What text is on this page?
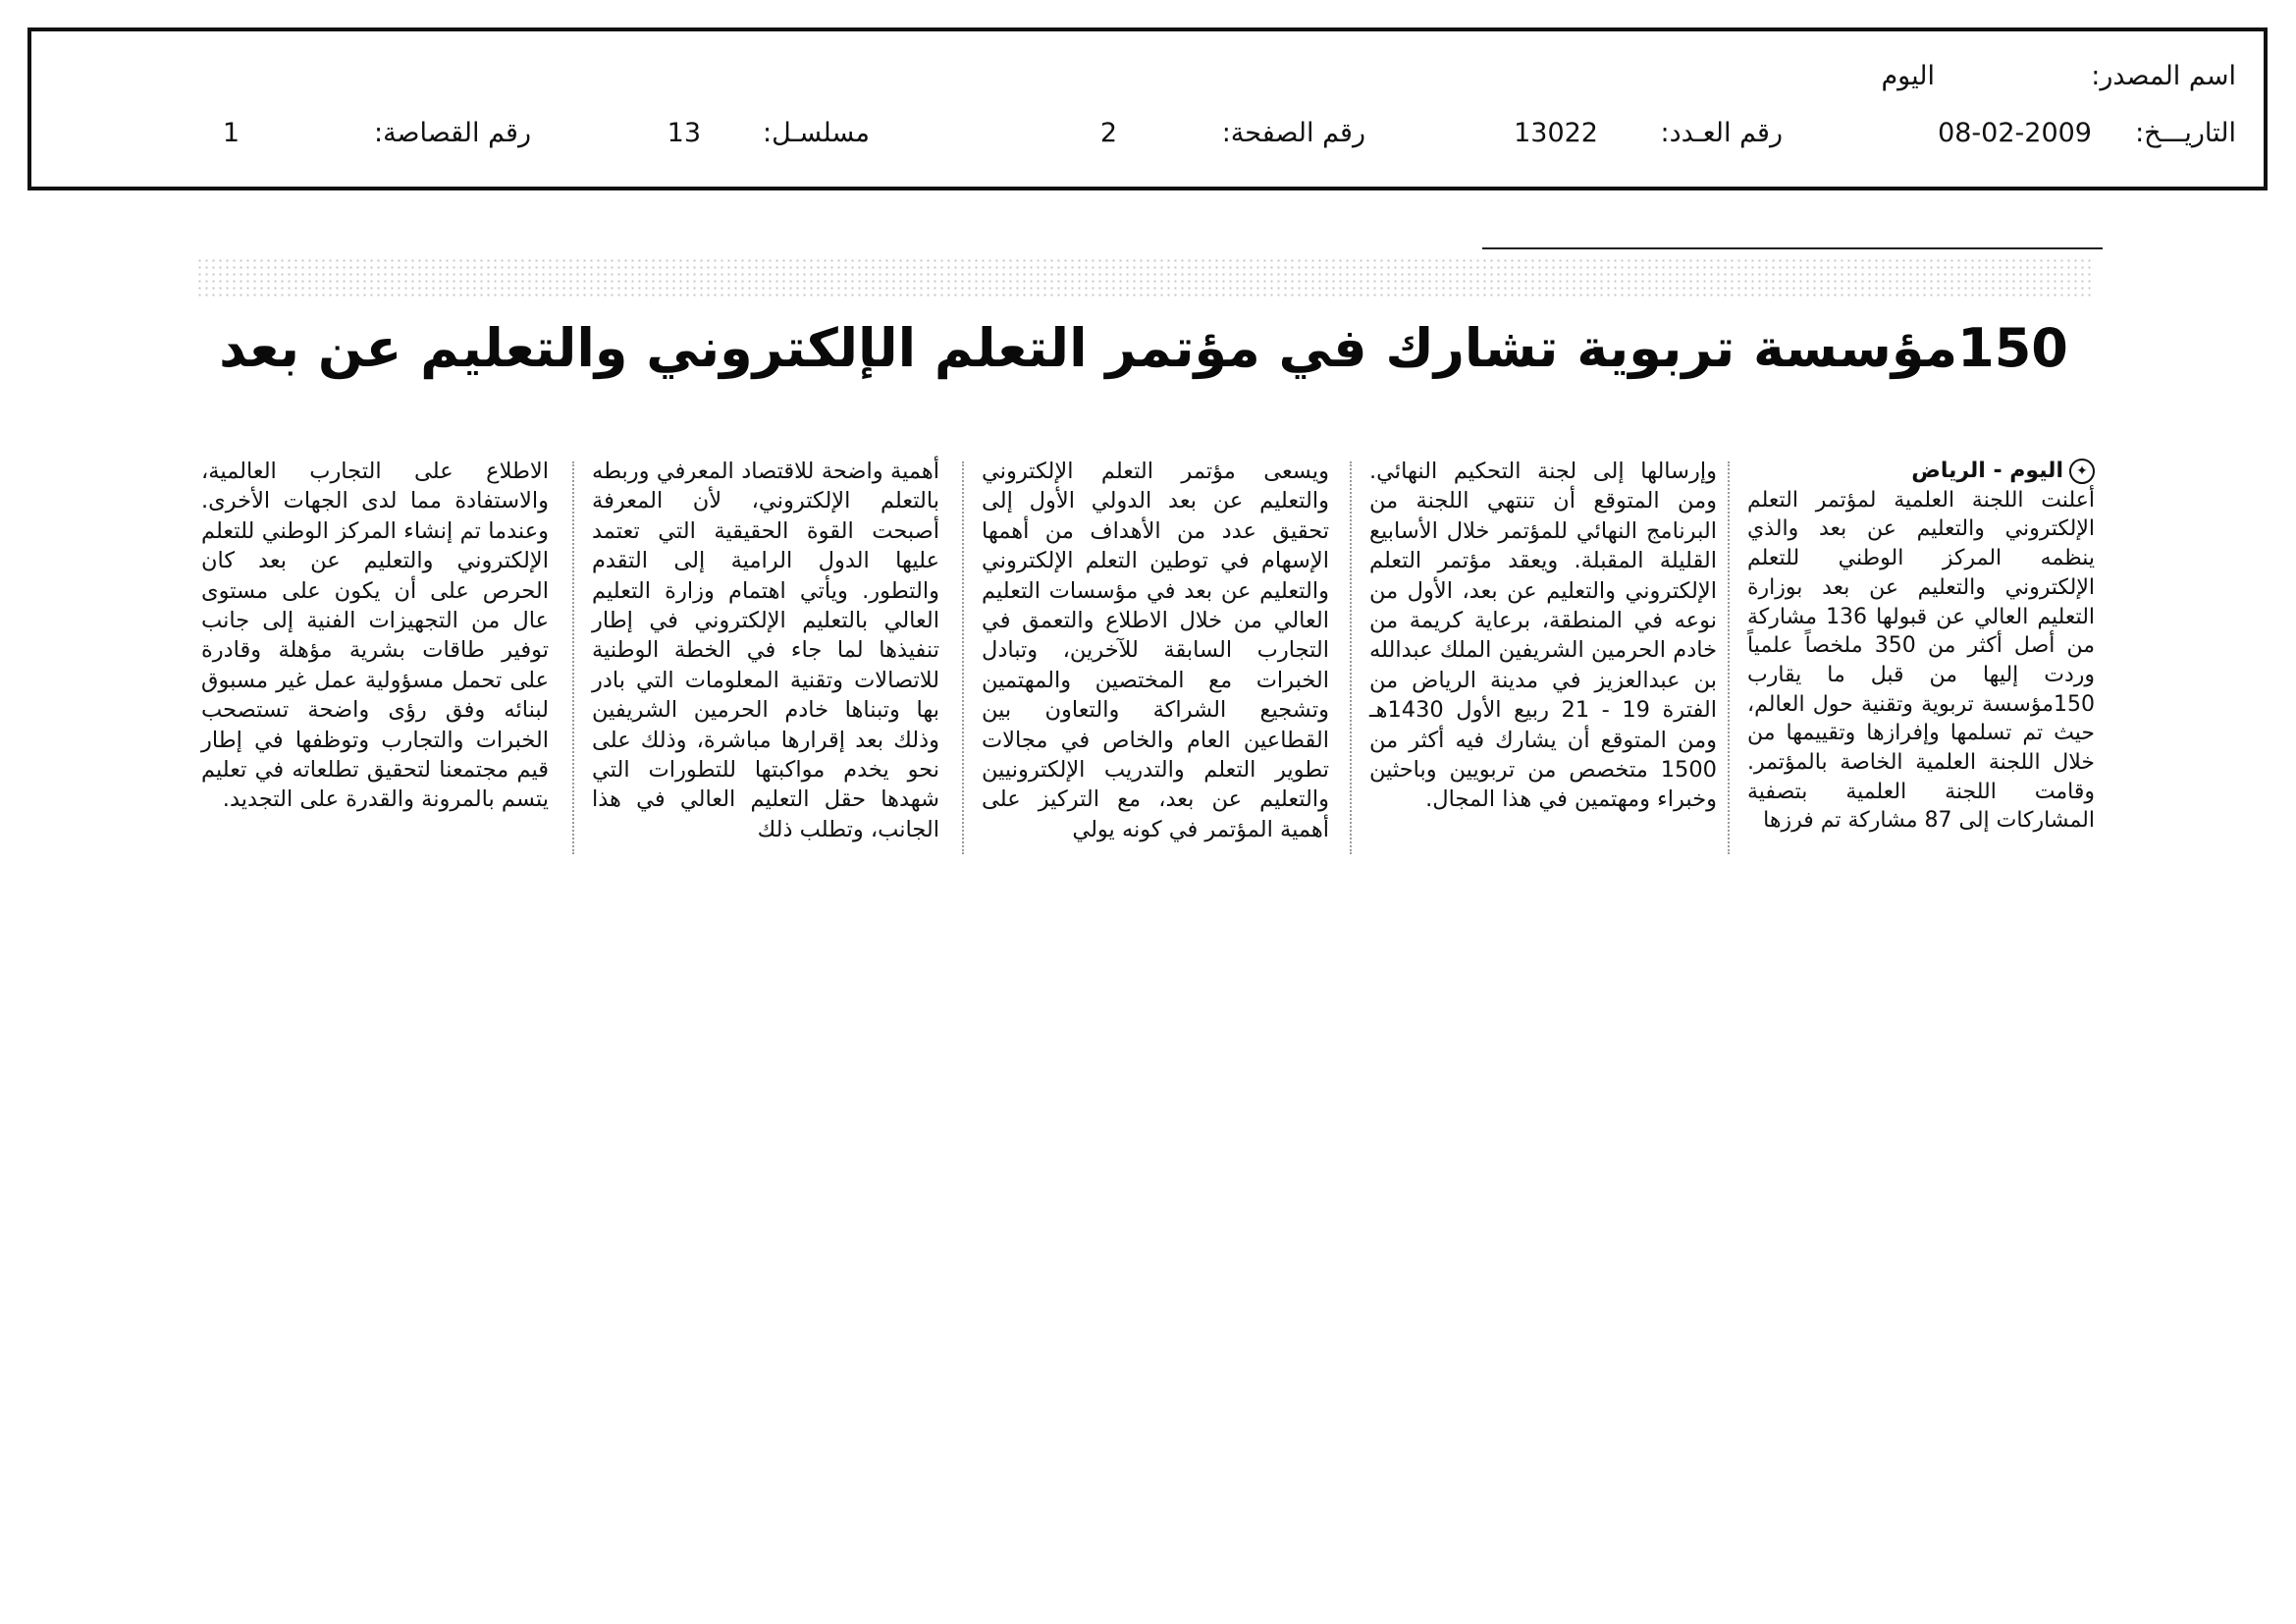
اسم المصدر:
اليوم
التاريـــخ:
08-02-2009
رقم العـدد:
13022
رقم الصفحة:
2
مسلسـل:
13
رقم القصاصة:
1
150مؤسسة تربوية تشارك في مؤتمر التعلم الإلكتروني والتعليم عن بعد

✦اليوم - الرياض

أعلنت اللجنة العلمية لمؤتمر التعلم الإلكتروني والتعليم عن بعد والذي ينظمه المركز الوطني للتعلم الإلكتروني والتعليم عن بعد بوزارة التعليم العالي عن قبولها 136 مشاركة من أصل أكثر من 350 ملخصاً علمياً وردت إليها من قبل ما يقارب 150مؤسسة تربوية وتقنية حول العالم، حيث تم تسلمها وإفرازها وتقييمها من خلال اللجنة العلمية الخاصة بالمؤتمر. وقامت اللجنة العلمية بتصفية المشاركات إلى 87 مشاركة تم فرزها

وإرسالها إلى لجنة التحكيم النهائي. ومن المتوقع أن تنتهي اللجنة من البرنامج النهائي للمؤتمر خلال الأسابيع القليلة المقبلة. ويعقد مؤتمر التعلم الإلكتروني والتعليم عن بعد، الأول من نوعه في المنطقة، برعاية كريمة من خادم الحرمين الشريفين الملك عبدالله بن عبدالعزيز في مدينة الرياض من الفترة 19 - 21 ربيع الأول 1430هـ ومن المتوقع أن يشارك فيه أكثر من 1500 متخصص من تربويين وباحثين وخبراء ومهتمين في هذا المجال.

ويسعى مؤتمر التعلم الإلكتروني والتعليم عن بعد الدولي الأول إلى تحقيق عدد من الأهداف من أهمها الإسهام في توطين التعلم الإلكتروني والتعليم عن بعد في مؤسسات التعليم العالي من خلال الاطلاع والتعمق في التجارب السابقة للآخرين، وتبادل الخبرات مع المختصين والمهتمين وتشجيع الشراكة والتعاون بين القطاعين العام والخاص في مجالات تطوير التعلم والتدريب الإلكترونيين والتعليم عن بعد، مع التركيز على أهمية المؤتمر في كونه يولي

أهمية واضحة للاقتصاد المعرفي وربطه بالتعلم الإلكتروني، لأن المعرفة أصبحت القوة الحقيقية التي تعتمد عليها الدول الرامية إلى التقدم والتطور. ويأتي اهتمام وزارة التعليم العالي بالتعليم الإلكتروني في إطار تنفيذها لما جاء في الخطة الوطنية للاتصالات وتقنية المعلومات التي بادر بها وتبناها خادم الحرمين الشريفين وذلك بعد إقرارها مباشرة، وذلك على نحو يخدم مواكبتها للتطورات التي شهدها حقل التعليم العالي في هذا الجانب، وتطلب ذلك

الاطلاع على التجارب العالمية، والاستفادة مما لدى الجهات الأخرى. وعندما تم إنشاء المركز الوطني للتعلم الإلكتروني والتعليم عن بعد كان الحرص على أن يكون على مستوى عال من التجهيزات الفنية إلى جانب توفير طاقات بشرية مؤهلة وقادرة على تحمل مسؤولية عمل غير مسبوق لبنائه وفق رؤى واضحة تستصحب الخبرات والتجارب وتوظفها في إطار قيم مجتمعنا لتحقيق تطلعاته في تعليم يتسم بالمرونة والقدرة على التجديد.
